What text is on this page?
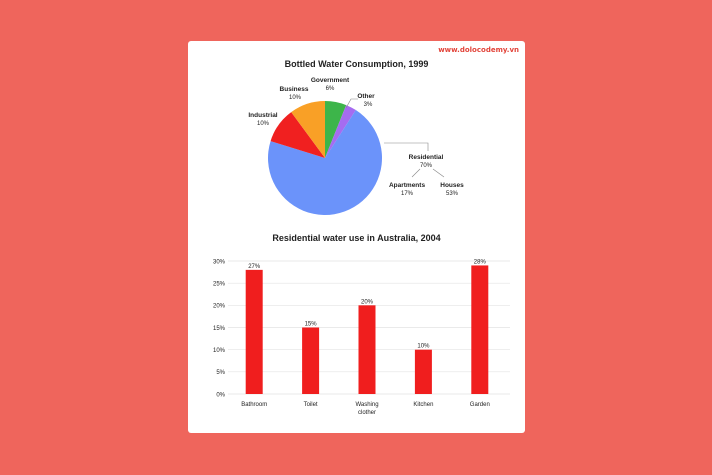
www.dolocodemy.vn
Bottled Water Consumption, 1999
Residential water use in Australia, 2004
Government
6%
Other
3%
Business
10%
Industrial
10%
Residential
70%
Apartments
17%
Houses
53%
0%
5%
10%
15%
20%
25%
30%
27%
Bathroom
15%
Toilet
20%
Washing
clother
10%
Kitchen
28%
Garden
